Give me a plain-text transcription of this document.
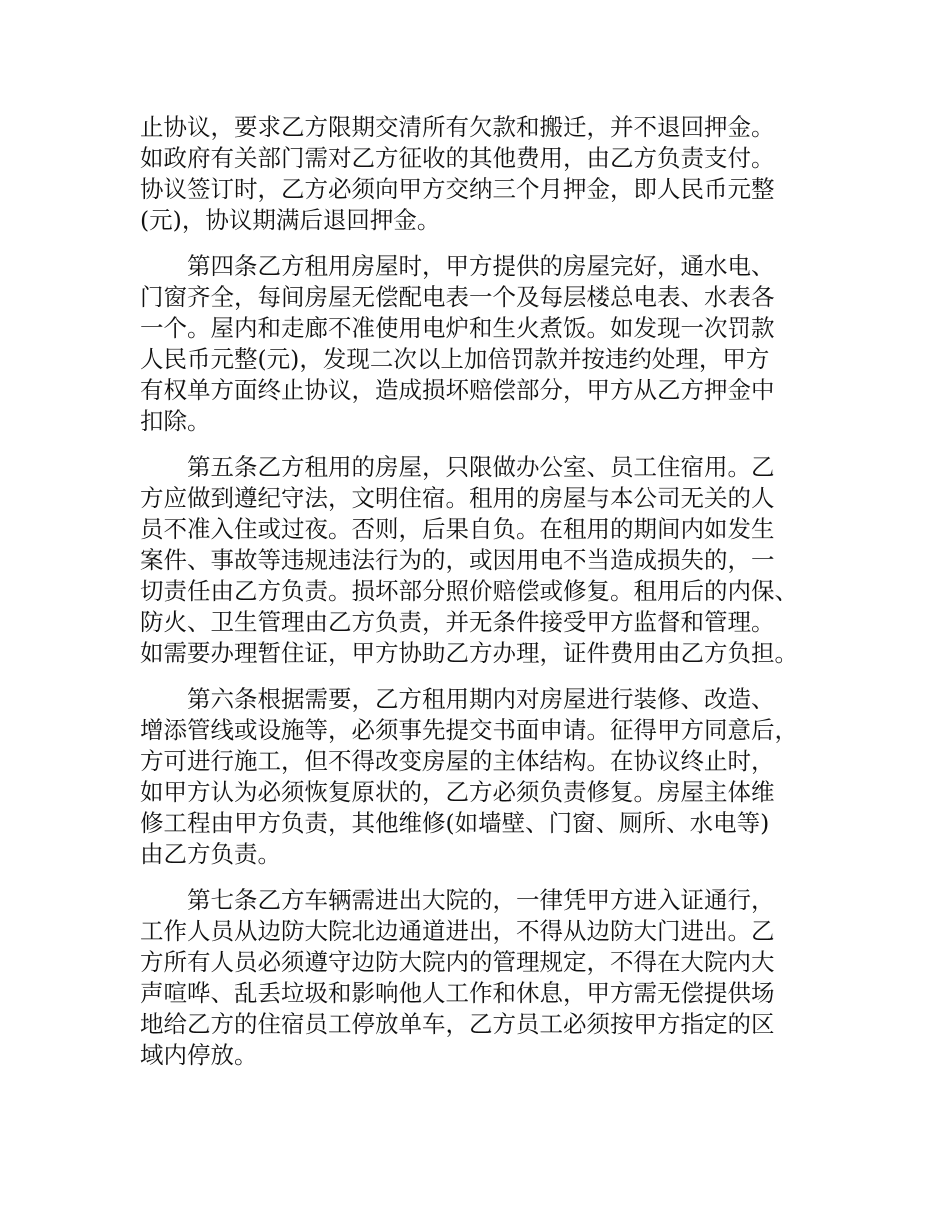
止协议，要求乙方限期交清所有欠款和搬迁，并不退回押金。
如政府有关部门需对乙方征收的其他费用，由乙方负责支付。
协议签订时，乙方必须向甲方交纳三个月押金，即人民币元整
(元)，协议期满后退回押金。
第四条乙方租用房屋时，甲方提供的房屋完好，通水电、
门窗齐全，每间房屋无偿配电表一个及每层楼总电表、水表各
一个。屋内和走廊不准使用电炉和生火煮饭。如发现一次罚款
人民币元整(元)，发现二次以上加倍罚款并按违约处理，甲方
有权单方面终止协议，造成损坏赔偿部分，甲方从乙方押金中
扣除。
第五条乙方租用的房屋，只限做办公室、员工住宿用。乙
方应做到遵纪守法，文明住宿。租用的房屋与本公司无关的人
员不准入住或过夜。否则，后果自负。在租用的期间内如发生
案件、事故等违规违法行为的，或因用电不当造成损失的，一
切责任由乙方负责。损坏部分照价赔偿或修复。租用后的内保、
防火、卫生管理由乙方负责，并无条件接受甲方监督和管理。
如需要办理暂住证，甲方协助乙方办理，证件费用由乙方负担。
第六条根据需要，乙方租用期内对房屋进行装修、改造、
增添管线或设施等，必须事先提交书面申请。征得甲方同意后，
方可进行施工，但不得改变房屋的主体结构。在协议终止时，
如甲方认为必须恢复原状的，乙方必须负责修复。房屋主体维
修工程由甲方负责，其他维修(如墙壁、门窗、厕所、水电等)
由乙方负责。
第七条乙方车辆需进出大院的，一律凭甲方进入证通行，
工作人员从边防大院北边通道进出，不得从边防大门进出。乙
方所有人员必须遵守边防大院内的管理规定，不得在大院内大
声喧哗、乱丢垃圾和影响他人工作和休息，甲方需无偿提供场
地给乙方的住宿员工停放单车，乙方员工必须按甲方指定的区
域内停放。
